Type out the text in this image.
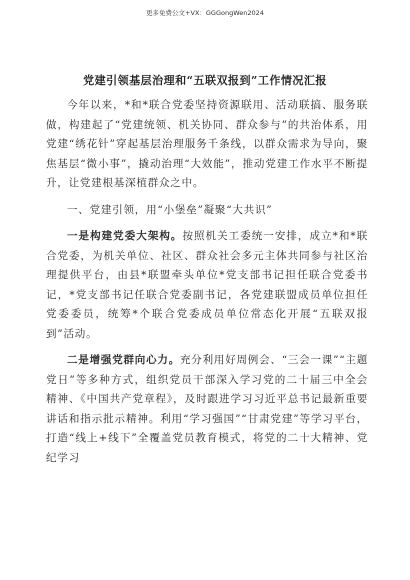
更多免费公文+VX：GGGongWen2024
党建引领基层治理和“五联双报到”工作情况汇报

今年以来，*和*联合党委坚持资源联用、活动联搞、服务联做，构建起了“党建统领、机关协同、群众参与”的共治体系，用党建“绣花针”穿起基层治理服务千条线，以群众需求为导向，聚焦基层“微小事”，撬动治理“大效能”，推动党建工作水平不断提升，让党建根基深植群众之中。

一、党建引领，用“小堡垒”凝聚“大共识”

一是构建党委大架构。按照机关工委统一安排，成立*和*联合党委，为机关单位、社区、群众社会多元主体共同参与社区治理提供平台，由县*联盟牵头单位*党支部书记担任联合党委书记，*党支部书记任联合党委副书记，各党建联盟成员单位担任党委委员，统筹*个联合党委成员单位常态化开展“五联双报到”活动。

二是增强党群向心力。充分利用好周例会、“三会一课”“主题党日”等多种方式，组织党员干部深入学习党的二十届三中全会精神、《中国共产党章程》，及时跟进学习习近平总书记最新重要讲话和指示批示精神。利用“学习强国”“甘肃党建”等学习平台，打造“线上+线下”全覆盖党员教育模式，将党的二十大精神、党纪学习
